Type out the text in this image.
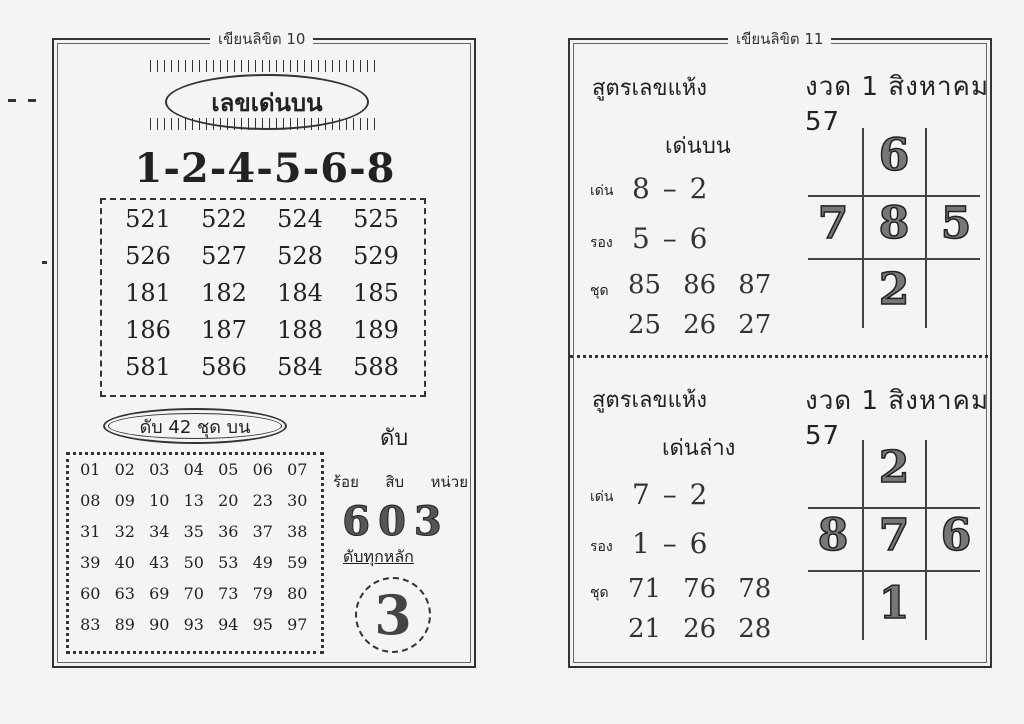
เขียนลิขิต 10
เลขเด่นบน
1-2-4-5-6-8
521	522	524	525
526	527	528	529
181	182	184	185
186	187	188	189
581	586	584	588
ดับ 42 ชุด บน
01 02 03 04 05 06 07
08 09 10 13 20 23 30
31 32 34 35 36 37 38
39 40 43 50 53 49 59
60 63 69 70 73 79 80
83 89 90 93 94 95 97
ดับ
ร้อย สิบ หน่วย
603
ดับทุกหลัก
3
เขียนลิขิต 11
สูตรเลขแห้ง	งวด 1 สิงหาคม 57
เด่นบน
เด่น 8 – 2
รอง 5 – 6
ชุด 85 86 87
25 26 27
6
7 8 5
2
สูตรเลขแห้ง	งวด 1 สิงหาคม 57
เด่นล่าง
เด่น 7 – 2
รอง 1 – 6
ชุด 71 76 78
21 26 28
2
8 7 6
1
